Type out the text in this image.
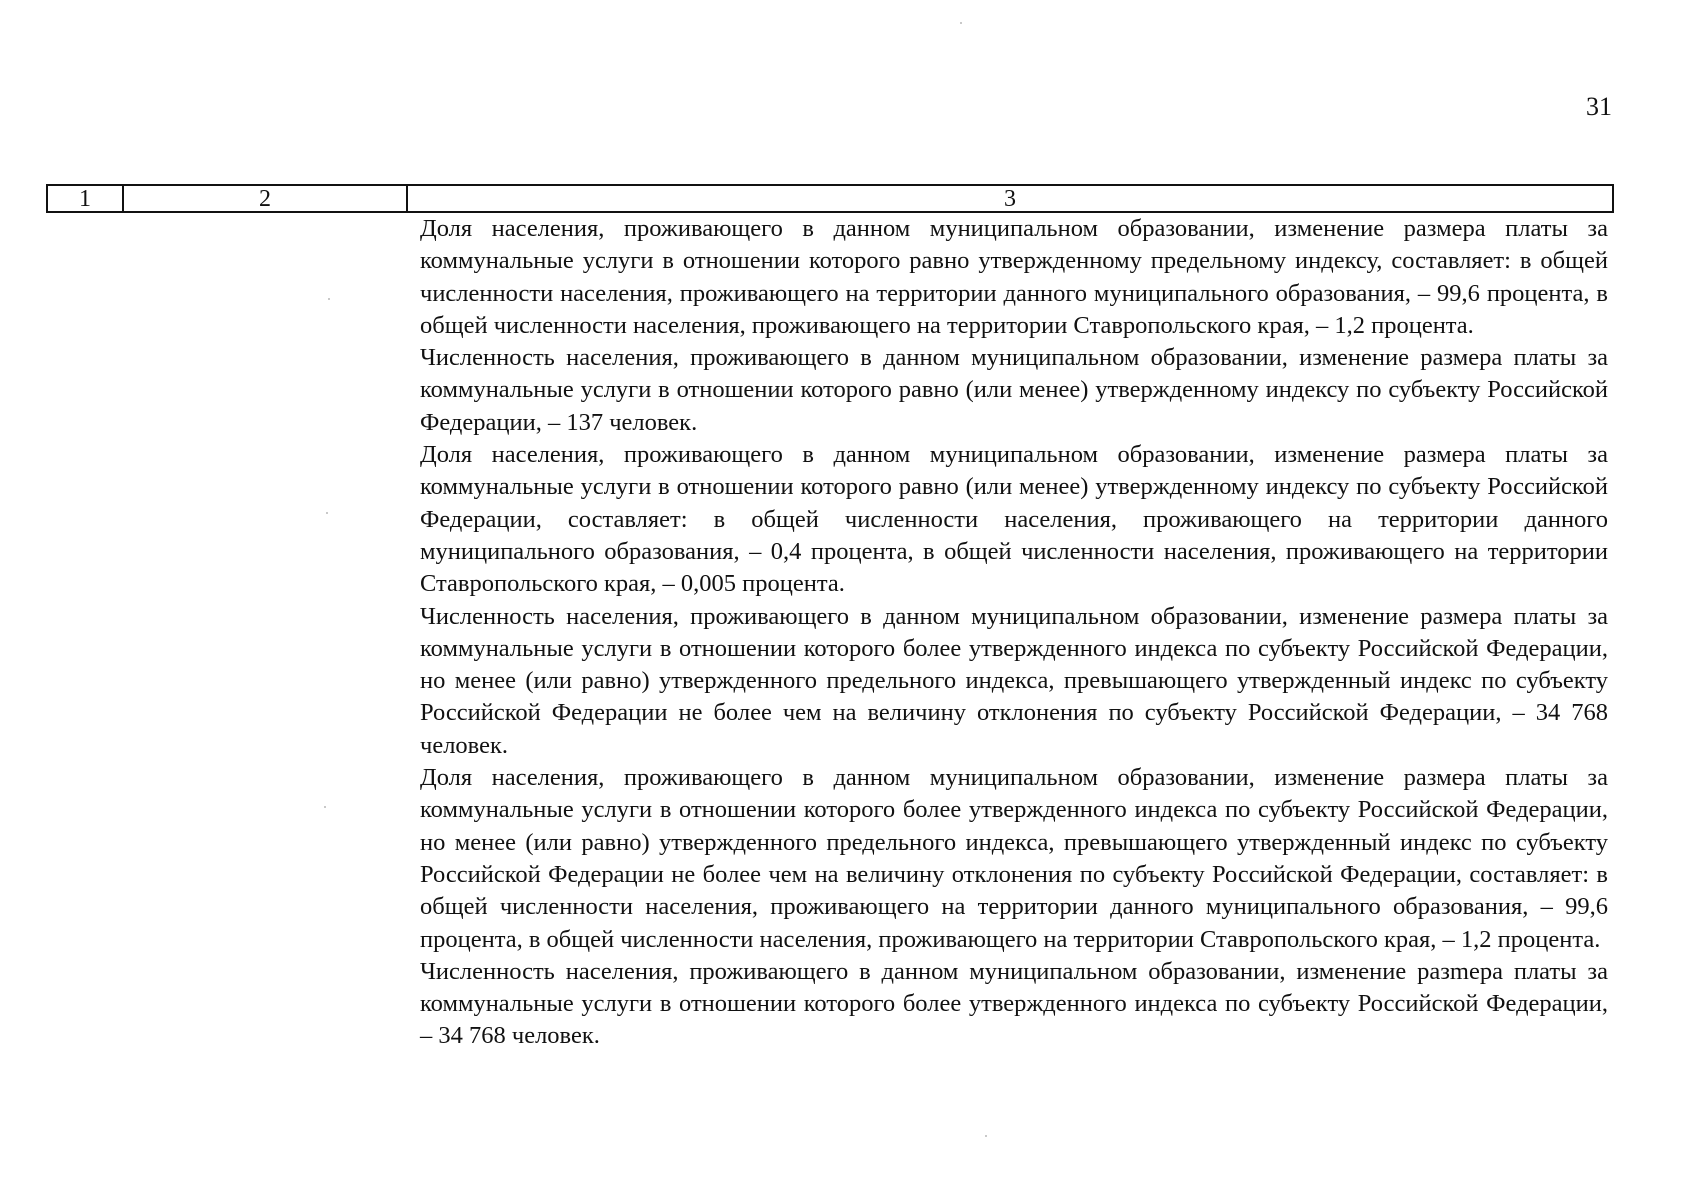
31
1	2	3

Доля населения, проживающего в данном муниципальном образовании, изменение размера платы за коммунальные услуги в отношении которого равно утвержденному предельному индексу, составляет: в общей численности населения, проживающего на территории данного муниципального образования, – 99,6 процента, в общей численности населения, проживающего на территории Ставропольского края, – 1,2 процента.

Численность населения, проживающего в данном муниципальном образовании, изменение размера платы за коммунальные услуги в отношении которого равно (или менее) утвержденному индексу по субъекту Российской Федерации, – 137 человек.

Доля населения, проживающего в данном муниципальном образовании, изменение размера платы за коммунальные услуги в отношении которого равно (или менее) утвержденному индексу по субъекту Российской Федерации, составляет: в общей численности населения, проживающего на территории данного муниципального образования, – 0,4 процента, в общей численности населения, проживающего на территории Ставропольского края, – 0,005 процента.

Численность населения, проживающего в данном муниципальном образовании, изменение размера платы за коммунальные услуги в отношении которого более утвержденного индекса по субъекту Российской Федерации, но менее (или равно) утвержденного предельного индекса, превышающего утвержденный индекс по субъекту Российской Федерации не более чем на величину отклонения по субъекту Российской Федерации, – 34 768 человек.

Доля населения, проживающего в данном муниципальном образовании, изменение размера платы за коммунальные услуги в отношении которого более утвержденного индекса по субъекту Российской Федерации, но менее (или равно) утвержденного предельного индекса, превышающего утвержденный индекс по субъекту Российской Федерации не более чем на величину отклонения по субъекту Российской Федерации, составляет: в общей численности населения, проживающего на территории данного муниципального образования, – 99,6 процента, в общей численности населения, проживающего на территории Ставропольского края, – 1,2 процента.

Численность населения, проживающего в данном муниципальном образовании, изменение разmера платы за коммунальные услуги в отношении которого более утвержденного индекса по субъекту Российской Федерации, – 34 768 человек.
